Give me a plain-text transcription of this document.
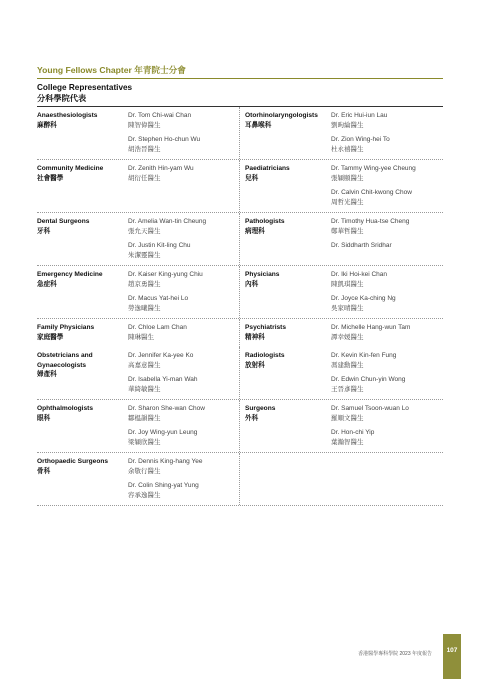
Young Fellows Chapter 年青院士分會
College Representatives
分科學院代表
Anaesthesiologists
麻醉科
Dr. Tom Chi-wai Chan
陳智偉醫生
Dr. Stephen Ho-chun Wu
胡浩晉醫生
Otorhinolaryngologists
耳鼻喉科
Dr. Eric Hui-iun Lau
劉昫綸醫生
Dr. Zion Wing-hei To
杜永禧醫生
Community Medicine
社會醫學
Dr. Zenith Hin-yam Wu
胡衍任醫生
Paediatricians
兒科
Dr. Tammy Wing-yee Cheung
張穎頤醫生
Dr. Calvin Chit-kwong Chow
周哲光醫生
Dental Surgeons
牙科
Dr. Amelia Wan-tin Cheung
張允天醫生
Dr. Justin Kit-ling Chu
朱潔靈醫生
Pathologists
病理科
Dr. Timothy Hua-tse Cheng
鄭華哲醫生
Dr. Siddharth Sridhar
Emergency Medicine
急症科
Dr. Kaiser King-yung Chiu
趙京勇醫生
Dr. Macus Yat-hei Lo
勞逸曦醫生
Physicians
內科
Dr. Iki Hoi-kei Chan
陳凱琪醫生
Dr. Joyce Ka-ching Ng
吳家晴醫生
Family Physicians
家庭醫學
Dr. Chloe Lam Chan
陳琳醫生
Psychiatrists
精神科
Dr. Michelle Hang-wun Tam
譚幸媛醫生
Obstetricians and Gynaecologists
婦產科
Dr. Jennifer Ka-yee Ko
高嘉意醫生
Dr. Isabella Yi-man Wah
華綺敏醫生
Radiologists
放射科
Dr. Kevin Kin-fen Fung
馮建勳醫生
Dr. Edwin Chun-yin Wong
王晉彥醫生
Ophthalmologists
眼科
Dr. Sharon She-wan Chow
鄒榅韻醫生
Dr. Joy Wing-yun Leung
梁穎欣醫生
Surgeons
外科
Dr. Samuel Tsoon-wuan Lo
羅順文醫生
Dr. Hon-chi Yip
葉瀚智醫生
Orthopaedic Surgeons
骨科
Dr. Dennis King-hang Yee
余敬行醫生
Dr. Colin Shing-yat Yung
容承逸醫生
香港醫學專科學院 2023 年度報告	107
